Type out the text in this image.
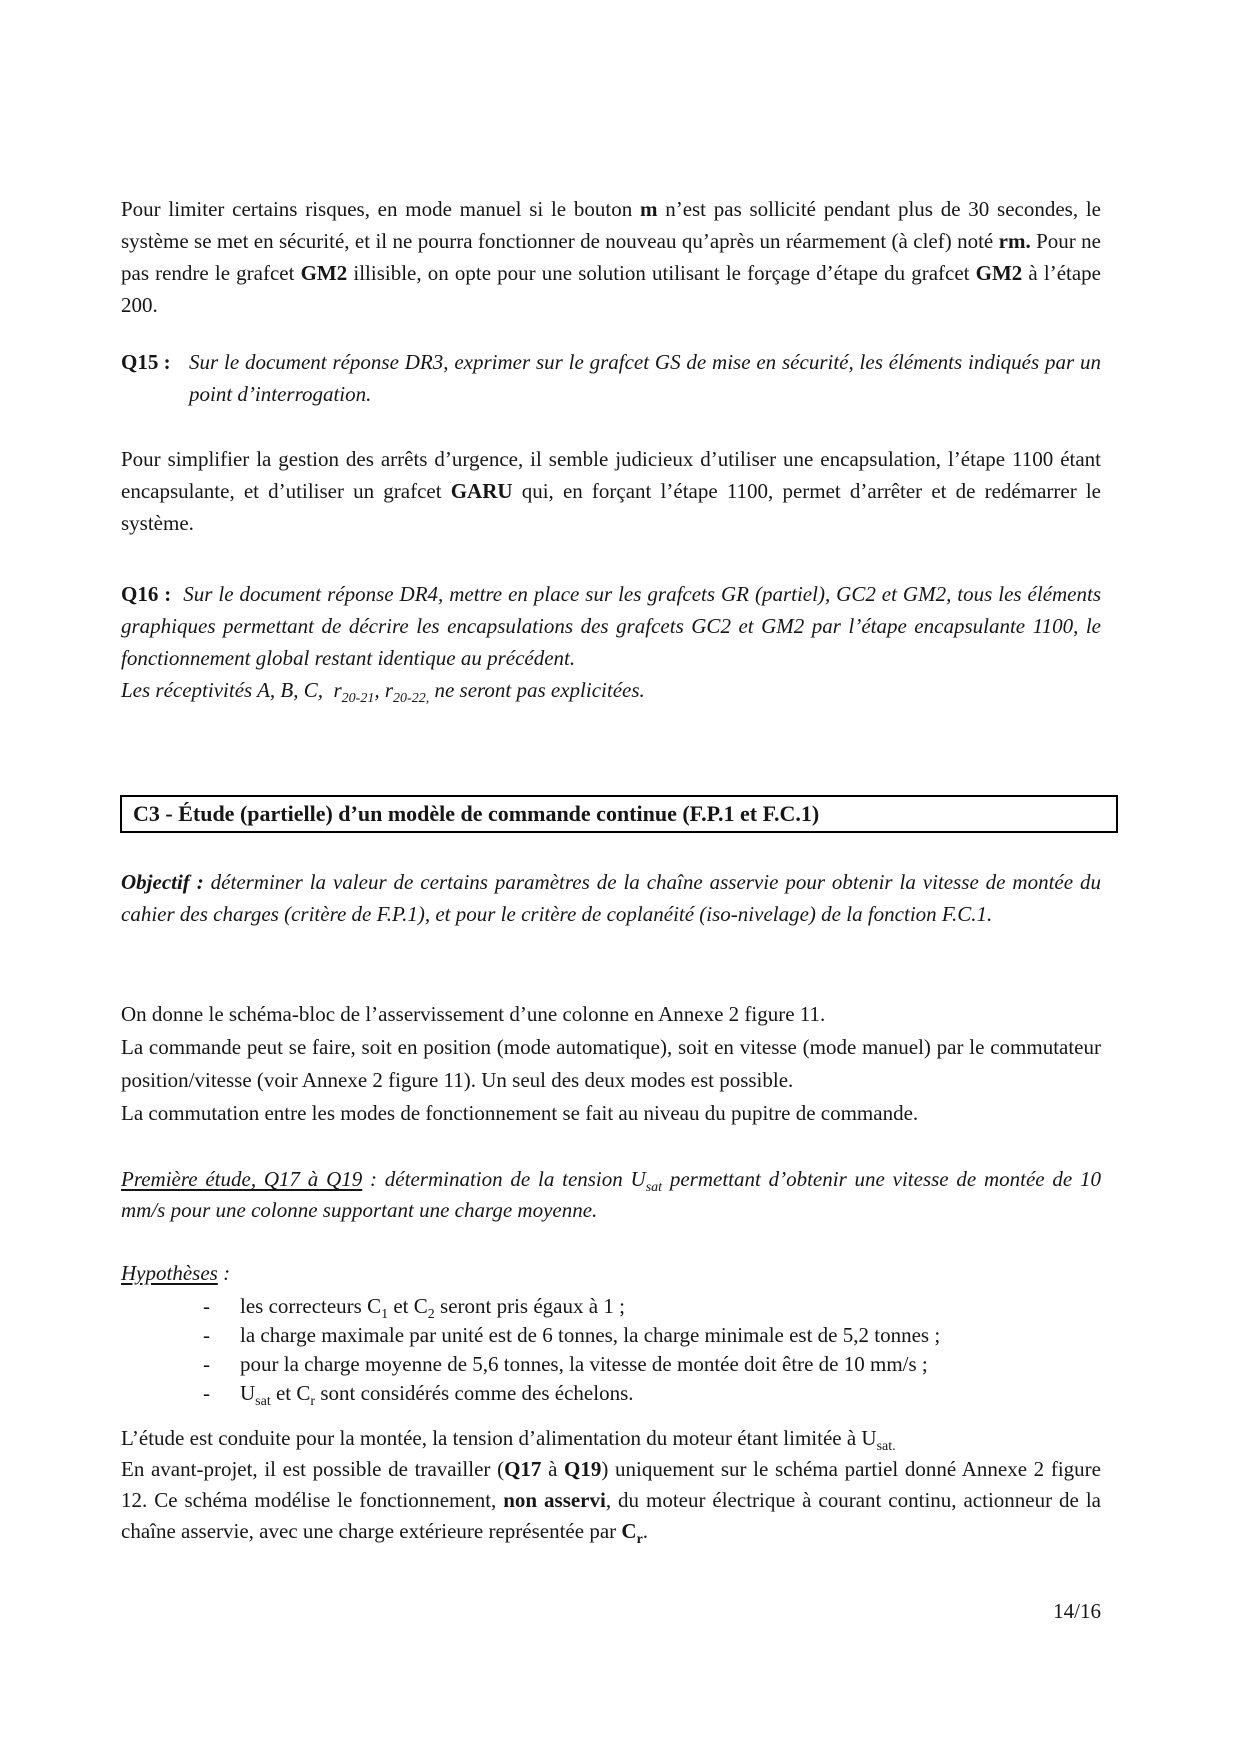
Pour limiter certains risques, en mode manuel si le bouton m n’est pas sollicité pendant plus de 30 secondes, le système se met en sécurité, et il ne pourra fonctionner de nouveau qu’après un réarmement (à clef) noté rm. Pour ne pas rendre le grafcet GM2 illisible, on opte pour une solution utilisant le forçage d’étape du grafcet GM2 à l’étape 200.
Q15 : Sur le document réponse DR3, exprimer sur le grafcet GS de mise en sécurité, les éléments indiqués par un point d’interrogation.
Pour simplifier la gestion des arrêts d’urgence, il semble judicieux d’utiliser une encapsulation, l’étape 1100 étant encapsulante, et d’utiliser un grafcet GARU qui, en forçant l’étape 1100, permet d’arrêter et de redémarrer le système.

Q16 : Sur le document réponse DR4, mettre en place sur les grafcets GR (partiel), GC2 et GM2, tous les éléments graphiques permettant de décrire les encapsulations des grafcets GC2 et GM2 par l’étape encapsulante 1100, le fonctionnement global restant identique au précédent.

Les réceptivités A, B, C,  $r_{20-21}$, $r_{20-22,}$ ne seront pas explicitées.

C3 - Étude (partielle) d’un modèle de commande continue (F.P.1 et F.C.1)
Objectif : déterminer la valeur de certains paramètres de la chaîne asservie pour obtenir la vitesse de montée du cahier des charges (critère de F.P.1), et pour le critère de coplanéité (iso-nivelage) de la fonction F.C.1.

On donne le schéma-bloc de l’asservissement d’une colonne en Annexe 2 figure 11.

La commande peut se faire, soit en position (mode automatique), soit en vitesse (mode manuel) par le commutateur position/vitesse (voir Annexe 2 figure 11). Un seul des deux modes est possible.

La commutation entre les modes de fonctionnement se fait au niveau du pupitre de commande.

Première étude, Q17 à Q19 : détermination de la tension $U_{sat}$ permettant d’obtenir une vitesse de montée de 10 mm/s pour une colonne supportant une charge moyenne.

Hypothèses :

- les correcteurs $C_1$ et $C_2$ seront pris égaux à 1 ;
- la charge maximale par unité est de 6 tonnes, la charge minimale est de 5,2 tonnes ;
- pour la charge moyenne de 5,6 tonnes, la vitesse de montée doit être de 10 mm/s ;
- $U_{sat}$ et $C_r$ sont considérés comme des échelons.

L’étude est conduite pour la montée, la tension d’alimentation du moteur étant limitée à $U_{sat.}$

En avant-projet, il est possible de travailler (Q17 à Q19) uniquement sur le schéma partiel donné Annexe 2 figure 12. Ce schéma modélise le fonctionnement, non asservi, du moteur électrique à courant continu, actionneur de la chaîne asservie, avec une charge extérieure représentée par $C_r$.

14/16
